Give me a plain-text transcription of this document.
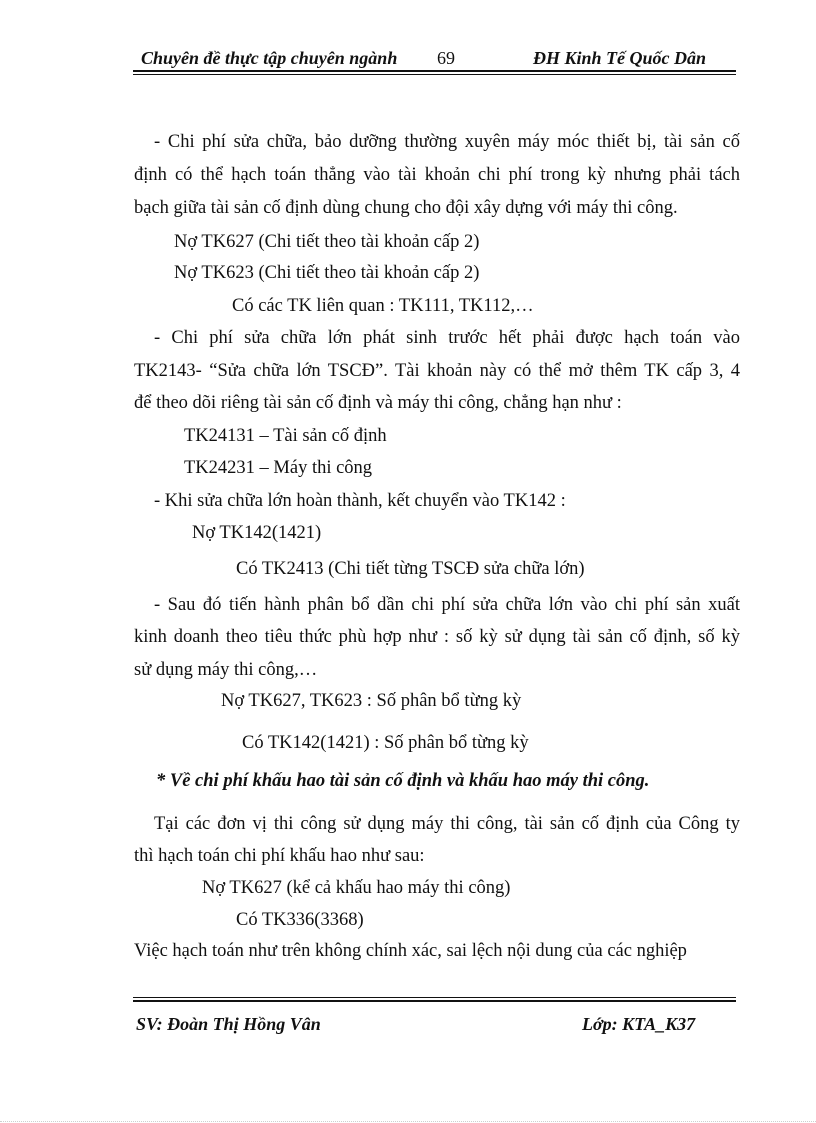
Chuyên đề thực tập chuyên ngành 69	ĐH Kinh Tế Quốc Dân
- Chi phí sửa chữa, bảo dưỡng thường xuyên máy móc thiết bị, tài sản cố
định có thể hạch toán thẳng vào tài khoản chi phí trong kỳ nhưng phải tách
bạch giữa tài sản cố định dùng chung cho đội xây dựng với máy thi công.
Nợ TK627 (Chi tiết theo tài khoản cấp 2)
Nợ TK623 (Chi tiết theo tài khoản cấp 2)
Có các TK liên quan : TK111, TK112,…
- Chi phí sửa chữa lớn phát sinh trước hết phải được hạch toán vào
TK2143- “Sửa chữa lớn TSCĐ”. Tài khoản này có thể mở thêm TK cấp 3, 4
để theo dõi riêng tài sản cố định và máy thi công, chẳng hạn như :
TK24131 – Tài sản cố định
TK24231 – Máy thi công
- Khi sửa chữa lớn hoàn thành, kết chuyển vào TK142 :
Nợ TK142(1421)
Có TK2413 (Chi tiết từng TSCĐ sửa chữa lớn)
- Sau đó tiến hành phân bổ dần chi phí sửa chữa lớn vào chi phí sản xuất
kinh doanh theo tiêu thức phù hợp như : số kỳ sử dụng tài sản cố định, số kỳ
sử dụng máy thi công,…
Nợ TK627, TK623 : Số phân bổ từng kỳ
Có TK142(1421) : Số phân bổ từng kỳ
* Về chi phí khấu hao tài sản cố định và khấu hao máy thi công.
Tại các đơn vị thi công sử dụng máy thi công, tài sản cố định của Công ty
thì hạch toán chi phí khấu hao như sau:
Nợ TK627 (kể cả khấu hao máy thi công)
Có TK336(3368)
Việc hạch toán như trên không chính xác, sai lệch nội dung của các nghiệp
SV: Đoàn Thị Hồng Vân	Lớp: KTA_K37
